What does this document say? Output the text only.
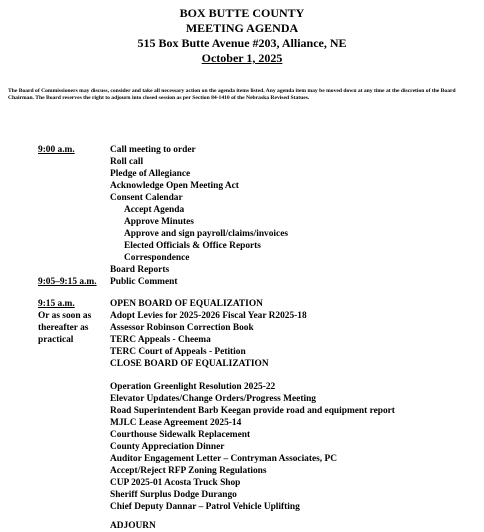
BOX BUTTE COUNTY
MEETING AGENDA
515 Box Butte Avenue #203, Alliance, NE
October 1, 2025
The Board of Commissioners may discuss, consider and take all necessary action on the agenda items listed. Any agenda item may be moved down at any time at the discretion of the Board Chairman. The Board reserves the right to adjourn into closed session as per Section 84-1410 of the Nebraska Revised Statues.
9:00 a.m.	Call meeting to order
Roll call
Pledge of Allegiance
Acknowledge Open Meeting Act
Consent Calendar
Accept Agenda
Approve Minutes
Approve and sign payroll/claims/invoices
Elected Officials & Office Reports
Correspondence
Board Reports
9:05–9:15 a.m. Public Comment
9:15 a.m.
Or as soon as
thereafter as
practical
OPEN BOARD OF EQUALIZATION
Adopt Levies for 2025-2026 Fiscal Year R2025-18
Assessor Robinson Correction Book
TERC Appeals - Cheema
TERC Court of Appeals - Petition
CLOSE BOARD OF EQUALIZATION
Operation Greenlight Resolution 2025-22
Elevator Updates/Change Orders/Progress Meeting
Road Superintendent Barb Keegan provide road and equipment report
MJLC Lease Agreement 2025-14
Courthouse Sidewalk Replacement
County Appreciation Dinner
Auditor Engagement Letter – Contryman Associates, PC
Accept/Reject RFP Zoning Regulations
CUP 2025-01 Acosta Truck Shop
Sheriff Surplus Dodge Durango
Chief Deputy Dannar – Patrol Vehicle Uplifting
ADJOURN
